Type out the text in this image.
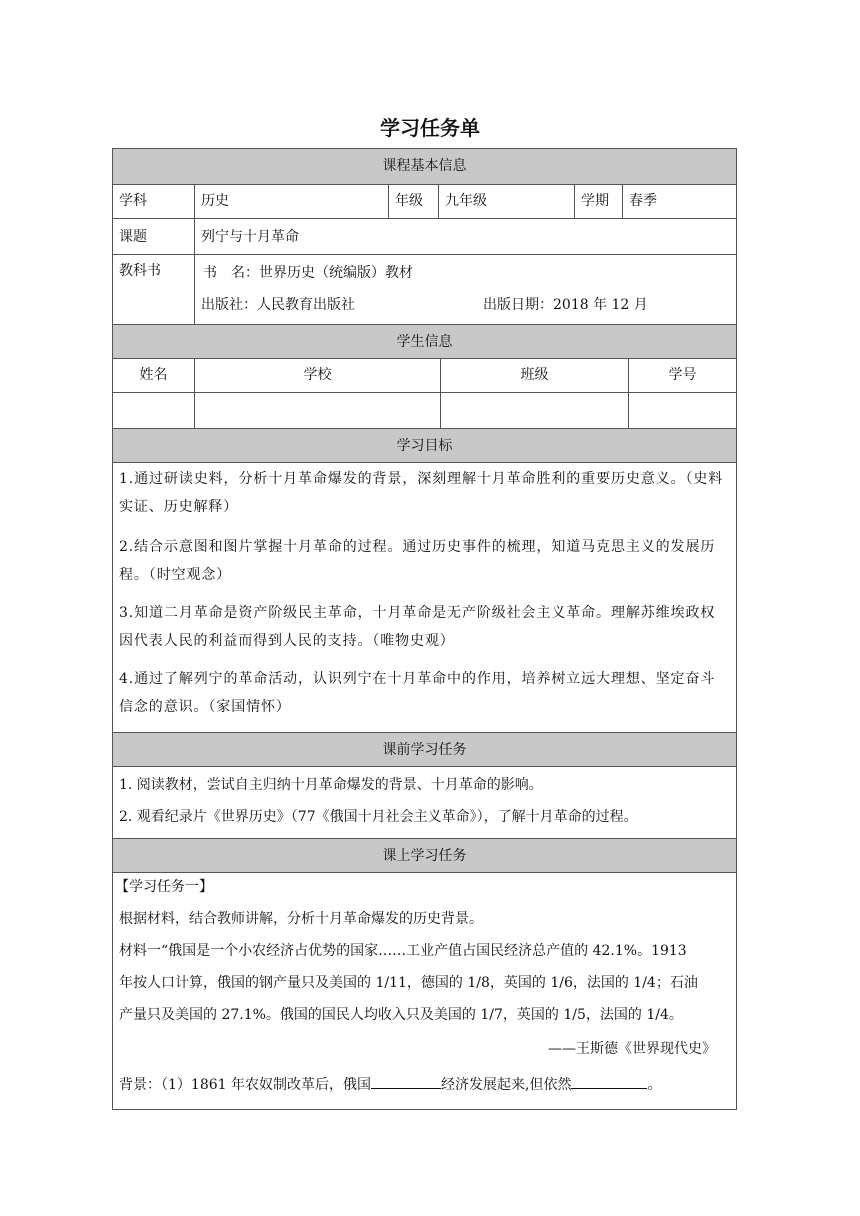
学习任务单
课程基本信息
学科	历史	年级	九年级	学期	春季
课题	列宁与十月革命
教科书	书　名：世界历史（统编版）教材
出版社：人民教育出版社	出版日期：2018 年 12 月
学生信息
姓名	学校	班级	学号
学习目标

1.通过研读史料，分析十月革命爆发的背景，深刻理解十月革命胜利的重要历史意义。（史料实证、历史解释）

2.结合示意图和图片掌握十月革命的过程。通过历史事件的梳理，知道马克思主义的发展历程。（时空观念）

3.知道二月革命是资产阶级民主革命，十月革命是无产阶级社会主义革命。理解苏维埃政权因代表人民的利益而得到人民的支持。（唯物史观）

4.通过了解列宁的革命活动，认识列宁在十月革命中的作用，培养树立远大理想、坚定奋斗信念的意识。（家国情怀）

课前学习任务

1. 阅读教材，尝试自主归纳十月革命爆发的背景、十月革命的影响。

2. 观看纪录片《世界历史》（77《俄国十月社会主义革命》），了解十月革命的过程。

课上学习任务

【学习任务一】

根据材料，结合教师讲解，分析十月革命爆发的历史背景。

材料一“俄国是一个小农经济占优势的国家……工业产值占国民经济总产值的 42.1%。1913

年按人口计算，俄国的钢产量只及美国的 1/11，德国的 1/8，英国的 1/6，法国的 1/4；石油

产量只及美国的 27.1%。俄国的国民人均收入只及美国的 1/7，英国的 1/5，法国的 1/4。

——王斯德《世界现代史》

背景：（1）1861 年农奴制改革后，俄国	经济发展起来,但依然	。
